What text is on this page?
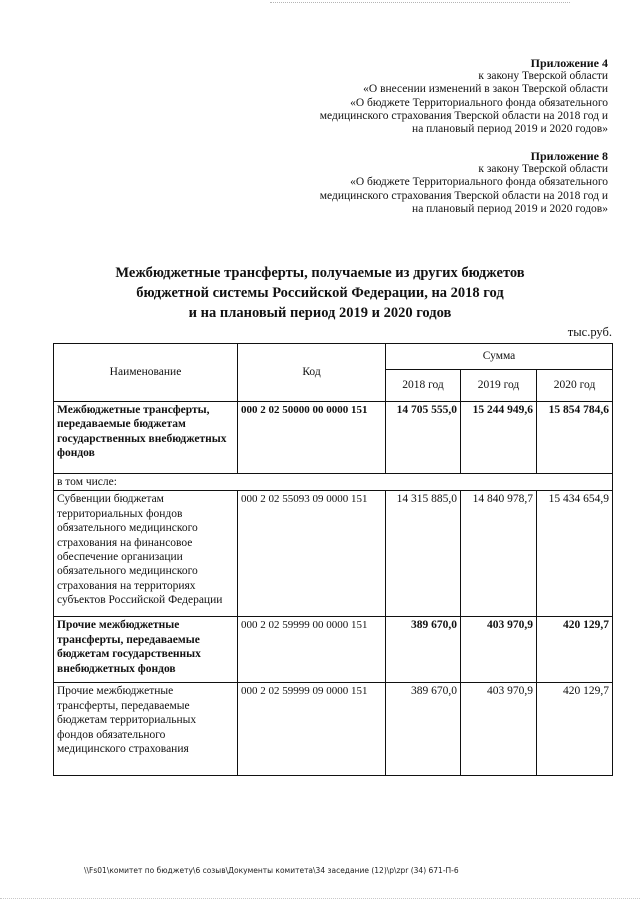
Приложение 4
к закону Тверской области
«О внесении изменений в закон Тверской области
«О бюджете Территориального фонда обязательного
медицинского страхования Тверской области на 2018 год и
на плановый период 2019 и 2020 годов»
Приложение 8
к закону Тверской области
«О бюджете Территориального фонда обязательного
медицинского страхования Тверской области на 2018 год и
на плановый период 2019 и 2020 годов»
Межбюджетные трансферты, получаемые из других бюджетов
бюджетной системы Российской Федерации, на 2018 год
и на плановый период 2019 и 2020 годов
тыс.руб.
Наименование	Код	Сумма		
		2018 год	2019 год	2020 год
Межбюджетные трансферты, передаваемые бюджетам государственных внебюджетных фондов	000 2 02 50000 00 0000 151	14 705 555,0	15 244 949,6	15 854 784,6
в том числе:				
Субвенции бюджетам территориальных фондов обязательного медицинского страхования на финансовое обеспечение организации обязательного медицинского страхования на территориях субъектов Российской Федерации	000 2 02 55093 09 0000 151	14 315 885,0	14 840 978,7	15 434 654,9
Прочие межбюджетные трансферты, передаваемые бюджетам государственных внебюджетных фондов	000 2 02 59999 00 0000 151	389 670,0	403 970,9	420 129,7
Прочие межбюджетные трансферты, передаваемые бюджетам территориальных фондов обязательного медицинского страхования	000 2 02 59999 09 0000 151	389 670,0	403 970,9	420 129,7
\\Fs01\комитет по бюджету\6 созыв\Документы комитета\34 заседание (12)\p\zpr (34) 671-П-6
